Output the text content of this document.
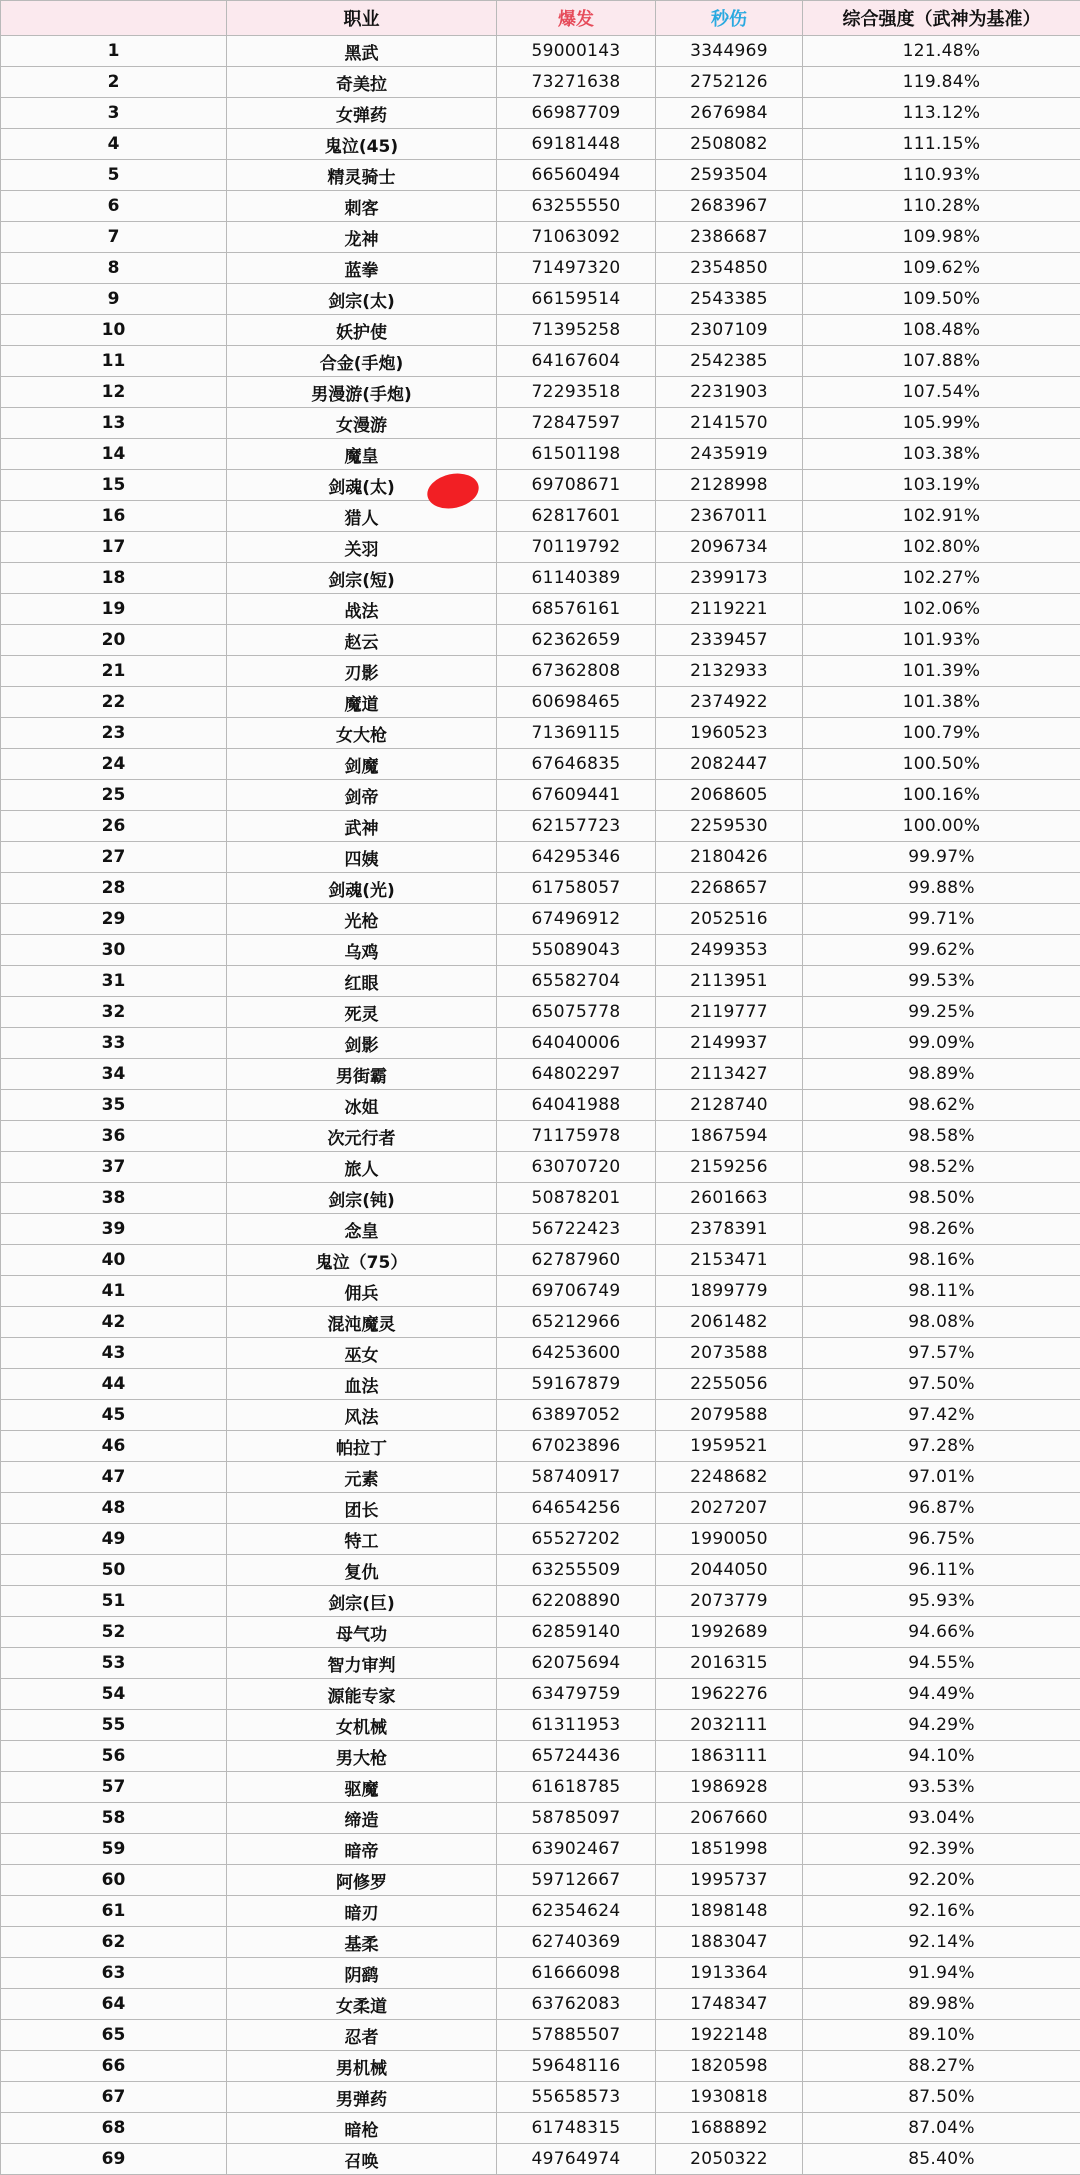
	职业	爆发	秒伤	综合强度（武神为基准）
1	黑武	59000143	3344969	121.48%
2	奇美拉	73271638	2752126	119.84%
3	女弹药	66987709	2676984	113.12%
4	鬼泣(45)	69181448	2508082	111.15%
5	精灵骑士	66560494	2593504	110.93%
6	刺客	63255550	2683967	110.28%
7	龙神	71063092	2386687	109.98%
8	蓝拳	71497320	2354850	109.62%
9	剑宗(太)	66159514	2543385	109.50%
10	妖护使	71395258	2307109	108.48%
11	合金(手炮)	64167604	2542385	107.88%
12	男漫游(手炮)	72293518	2231903	107.54%
13	女漫游	72847597	2141570	105.99%
14	魔皇	61501198	2435919	103.38%
15	剑魂(太)	69708671	2128998	103.19%
16	猎人	62817601	2367011	102.91%
17	关羽	70119792	2096734	102.80%
18	剑宗(短)	61140389	2399173	102.27%
19	战法	68576161	2119221	102.06%
20	赵云	62362659	2339457	101.93%
21	刃影	67362808	2132933	101.39%
22	魔道	60698465	2374922	101.38%
23	女大枪	71369115	1960523	100.79%
24	剑魔	67646835	2082447	100.50%
25	剑帝	67609441	2068605	100.16%
26	武神	62157723	2259530	100.00%
27	四姨	64295346	2180426	99.97%
28	剑魂(光)	61758057	2268657	99.88%
29	光枪	67496912	2052516	99.71%
30	乌鸡	55089043	2499353	99.62%
31	红眼	65582704	2113951	99.53%
32	死灵	65075778	2119777	99.25%
33	剑影	64040006	2149937	99.09%
34	男街霸	64802297	2113427	98.89%
35	冰姐	64041988	2128740	98.62%
36	次元行者	71175978	1867594	98.58%
37	旅人	63070720	2159256	98.52%
38	剑宗(钝)	50878201	2601663	98.50%
39	念皇	56722423	2378391	98.26%
40	鬼泣（75）	62787960	2153471	98.16%
41	佣兵	69706749	1899779	98.11%
42	混沌魔灵	65212966	2061482	98.08%
43	巫女	64253600	2073588	97.57%
44	血法	59167879	2255056	97.50%
45	风法	63897052	2079588	97.42%
46	帕拉丁	67023896	1959521	97.28%
47	元素	58740917	2248682	97.01%
48	团长	64654256	2027207	96.87%
49	特工	65527202	1990050	96.75%
50	复仇	63255509	2044050	96.11%
51	剑宗(巨)	62208890	2073779	95.93%
52	母气功	62859140	1992689	94.66%
53	智力审判	62075694	2016315	94.55%
54	源能专家	63479759	1962276	94.49%
55	女机械	61311953	2032111	94.29%
56	男大枪	65724436	1863111	94.10%
57	驱魔	61618785	1986928	93.53%
58	缔造	58785097	2067660	93.04%
59	暗帝	63902467	1851998	92.39%
60	阿修罗	59712667	1995737	92.20%
61	暗刃	62354624	1898148	92.16%
62	基柔	62740369	1883047	92.14%
63	阴鹞	61666098	1913364	91.94%
64	女柔道	63762083	1748347	89.98%
65	忍者	57885507	1922148	89.10%
66	男机械	59648116	1820598	88.27%
67	男弹药	55658573	1930818	87.50%
68	暗枪	61748315	1688892	87.04%
69	召唤	49764974	2050322	85.40%
